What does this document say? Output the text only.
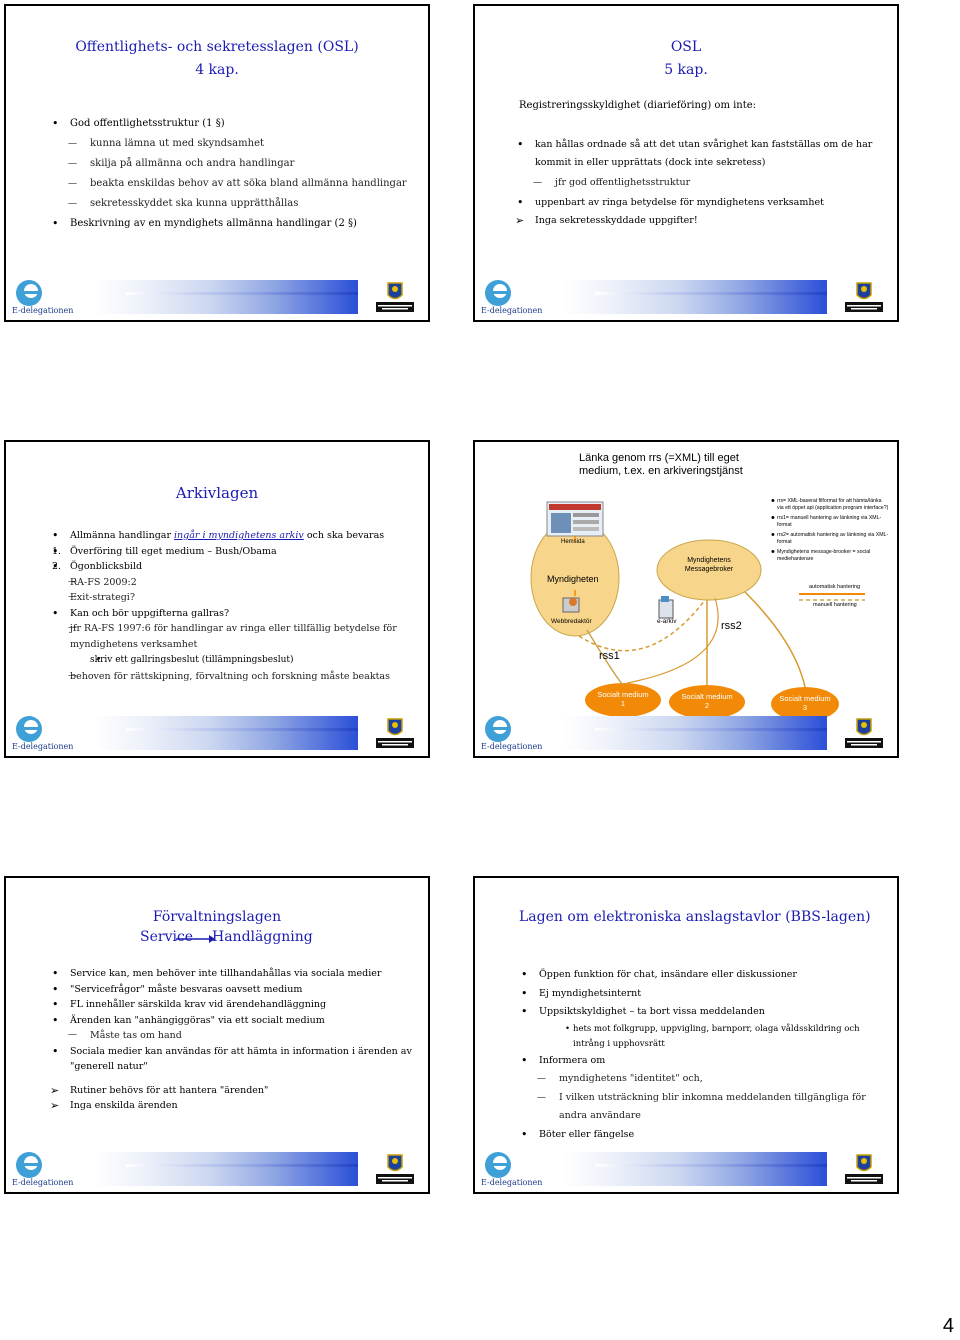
Offentlighets- och sekretesslagen (OSL)
4 kap.
• God offentlighetsstruktur (1 §)
— kunna lämna ut med skyndsamhet
— skilja på allmänna och andra handlingar
— beakta enskildas behov av att söka bland allmänna handlingar
— sekretesskyddet ska kunna upprätthållas
• Beskrivning av en myndighets allmänna handlingar (2 §)
E-delegationen
OSL
5 kap.
Registreringsskyldighet (diarieföring) om inte:
• kan hållas ordnade så att det utan svårighet kan fastställas om de har kommit in eller upprättats (dock inte sekretess)
— jfr god offentlighetsstruktur
• uppenbart av ringa betydelse för myndighetens verksamhet
➢ Inga sekretesskyddade uppgifter!
E-delegationen
Arkivlagen
• Allmänna handlingar ingår i myndighetens arkiv och ska bevaras
• 1. Överföring till eget medium – Bush/Obama
• 2. Ögonblicksbild
— RA-FS 2009:2
— Exit-strategi?
• Kan och bör uppgifterna gallras?
— jfr RA-FS 1997:6 för handlingar av ringa eller tillfällig betydelse för myndighetens verksamhet
• skriv ett gallringsbeslut (tillämpningsbeslut)
— behoven för rättskipning, förvaltning och forskning måste beaktas
E-delegationen
Länka genom rrs (=XML) till eget medium, t.ex. en arkiveringstjänst
Hemsida
Myndigheten
Webbredaktör	e-arkiv
Myndighetens Messagebroker
rss1
rss2
Socialt medium 1
Socialt medium 2
Socialt medium 3
• rrs= XML-baserat filformat för att hämta/länka via ett öppet api (application program interface?)
• rrs1= manuell hantering av länkning via XML-format
• rrs2= automatisk hantering av länkning via XML-format
• Myndighetens message-brooker = social mediehanterare
automatisk hantering
manuell hantering
E-delegationen
Förvaltningslagen
Service Handläggning
• Service kan, men behöver inte tillhandahållas via sociala medier
• "Servicefrågor" måste besvaras oavsett medium
• FL innehåller särskilda krav vid ärendehandläggning
• Ärenden kan "anhängiggöras" via ett socialt medium
— Måste tas om hand
• Sociala medier kan användas för att hämta in information i ärenden av "generell natur"
➢ Rutiner behövs för att hantera "ärenden"
➢ Inga enskilda ärenden
E-delegationen
Lagen om elektroniska anslagstavlor (BBS-lagen)
• Öppen funktion för chat, insändare eller diskussioner
• Ej myndighetsinternt
• Uppsiktskyldighet – ta bort vissa meddelanden
• hets mot folkgrupp, uppvigling, barnporr, olaga våldsskildring och intrång i upphovsrätt
• Informera om
— myndighetens "identitet" och,
— I vilken utsträckning blir inkomna meddelanden tillgängliga för andra användare
• Böter eller fängelse
E-delegationen
4
